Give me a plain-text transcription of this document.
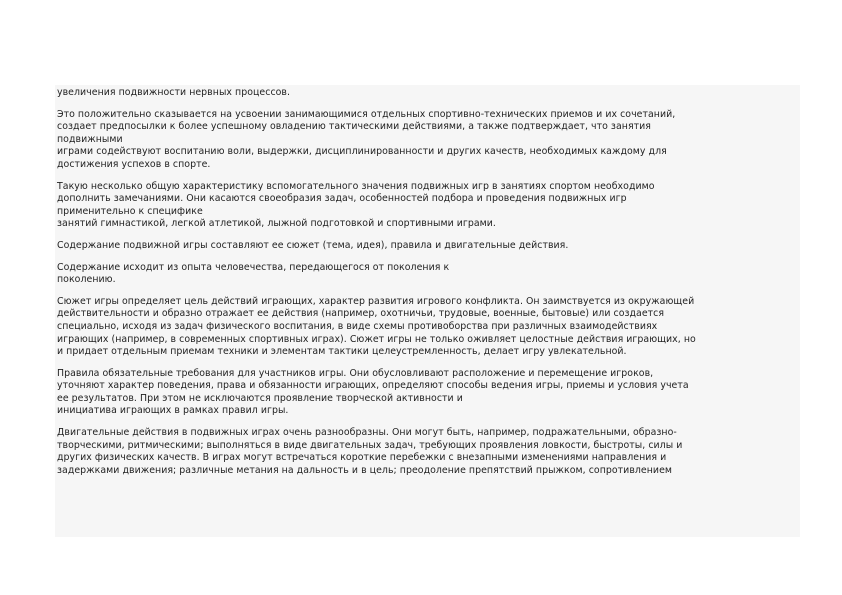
увеличения подвижности нервных процессов.

Это положительно сказывается на усвоении занимающимися отдельных спортивно-технических приемов и их сочетаний,
создает предпосылки к более успешному овладению тактическими действиями, а также подтверждает, что занятия
подвижными
играми содействуют воспитанию воли, выдержки, дисциплинированности и других качеств, необходимых каждому для
достижения успехов в спорте.

Такую несколько общую характеристику вспомогательного значения подвижных игр в занятиях спортом необходимо
дополнить замечаниями. Они касаются своеобразия задач, особенностей подбора и проведения подвижных игр
применительно к специфике
занятий гимнастикой, легкой атлетикой, лыжной подготовкой и спортивными играми.

Содержание подвижной игры составляют ее сюжет (тема, идея), правила и двигательные действия.

Содержание исходит из опыта человечества, передающегося от поколения к
поколению.

Сюжет игры определяет цель действий играющих, характер развития игрового конфликта. Он заимствуется из окружающей
действительности и образно отражает ее действия (например, охотничьи, трудовые, военные, бытовые) или создается
специально, исходя из задач физического воспитания, в виде схемы противоборства при различных взаимодействиях
играющих (например, в современных спортивных играх). Сюжет игры не только оживляет целостные действия играющих, но
и придает отдельным приемам техники и элементам тактики целеустремленность, делает игру увлекательной.

Правила обязательные требования для участников игры. Они обусловливают расположение и перемещение игроков,
уточняют характер поведения, права и обязанности играющих, определяют способы ведения игры, приемы и условия учета
ее результатов. При этом не исключаются проявление творческой активности и
инициатива играющих в рамках правил игры.

Двигательные действия в подвижных играх очень разнообразны. Они могут быть, например, подражательными, образно-
творческими, ритмическими; выполняться в виде двигательных задач, требующих проявления ловкости, быстроты, силы и
других физических качеств. В играх могут встречаться короткие перебежки с внезапными изменениями направления и
задержками движения; различные метания на дальность и в цель; преодоление препятствий прыжком, сопротивлением
